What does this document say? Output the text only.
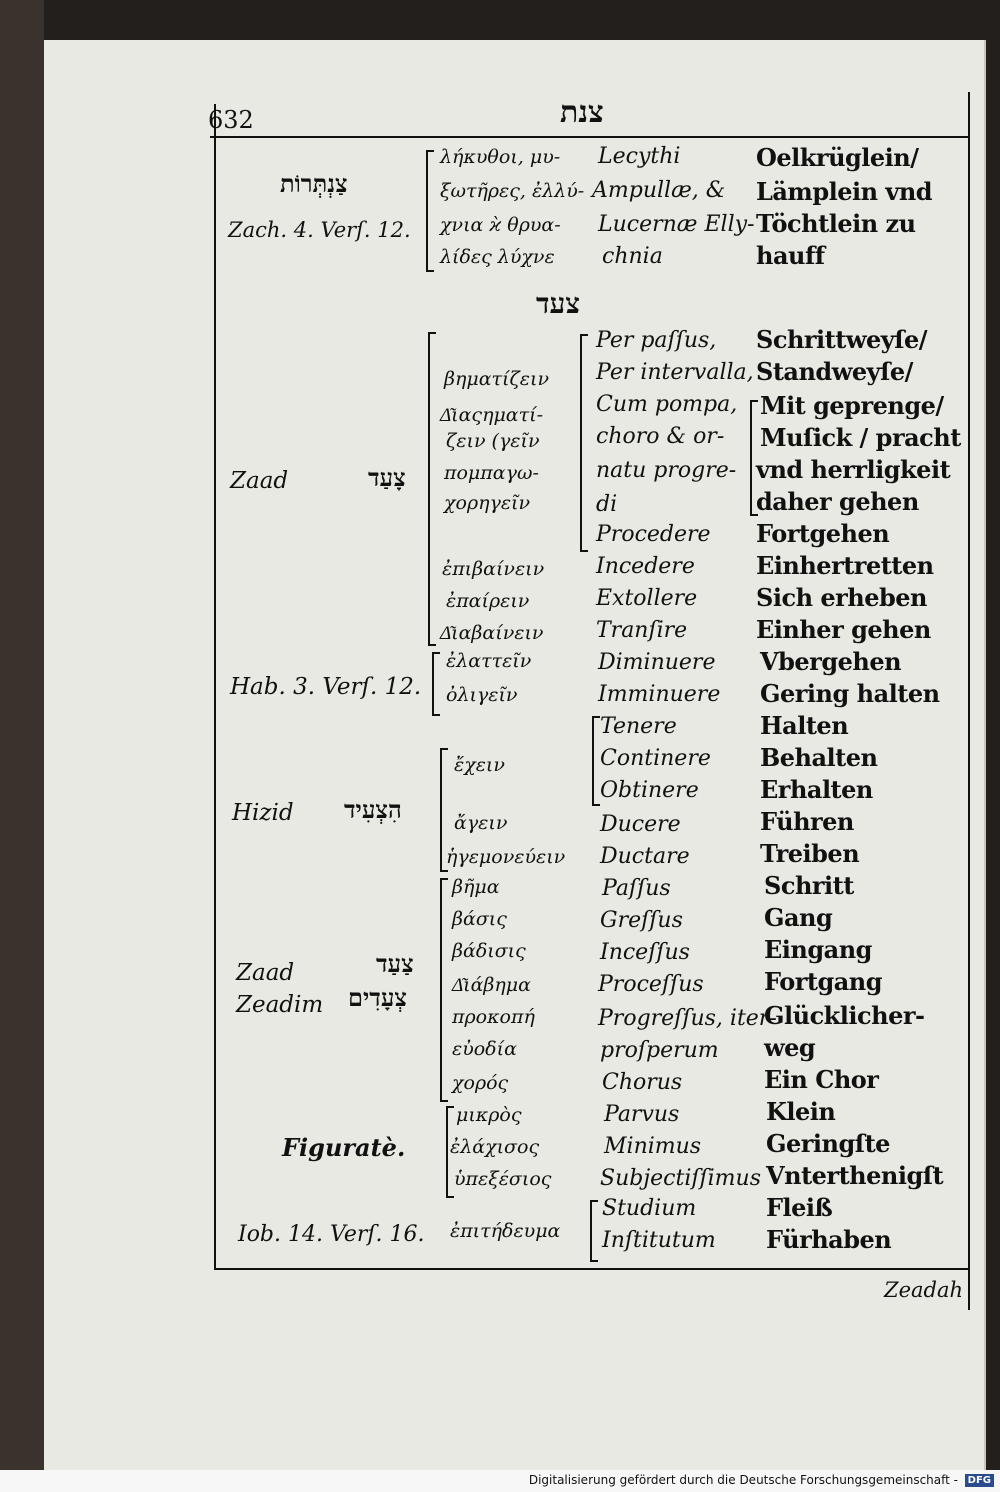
632	צנת
צַנְתְּרוֹת
Zach. 4. Verſ. 12.
λήκυθοι, μυ-
ξωτῆρες, ἐλλύ-
χνια ϰ̀ θρυα-
λίδες λύχνε
Lecythi
Ampullæ, &
Lucernæ Elly-
chnia
Oelkrüglein/
Lämplein vnd
Töchtlein zu
hauff
צעד
Zaad	צָעַד
βηματίζειν
Δ͂ιαςηματί-
ζειν (γεῖν
πομπαγω-
χορηγεῖν
ἐπιβαίνειν
ἐπαίρειν
Δ͂ιαβαίνειν
Per paſſus,
Per intervalla,
Cum pompa,
choro & or-
natu progre-
di
Procedere
Incedere
Extollere
Tranſire
Schrittweyſe/
Standweyſe/
Mit geprenge/
Muſick / pracht
vnd herrligkeit
daher gehen
Fortgehen
Einhertretten
Sich erheben
Einher gehen
Hab. 3. Verſ. 12.
ἐλαττεῖν
ὀλιγεῖν
Diminuere
Imminuere
Vbergehen
Gering halten
Hizid הִצְעִיד
ἔχειν
ἄγειν
ἡγεμονεύειν
Tenere
Continere
Obtinere
Ducere
Ductare
Halten
Behalten
Erhalten
Führen
Treiben
Zaad
Zeadim
צַעַד
צְעָדִים
βῆμα
βάσις
βάδισις
Δ͂ιάβημα
προκοπή
εὐοδία
χορός
Paſſus
Greſſus
Inceſſus
Proceſſus
Progreſſus, iter-
proſperum
Chorus
Schritt
Gang
Eingang
Fortgang
Glücklicher-
weg
Ein Chor
Figuratè.
μικρὸς
ἐλάχισος
ὑπεξέσιος
Parvus
Minimus
Subjectiſſimus
Klein
Geringſte
Vnterthenigſt
Iob. 14. Verſ. 16. ἐπιτήδευμα
Studium
Inſtitutum
Fleiß
Fürhaben
Zeadah
Digitalisierung gefördert durch die Deutsche Forschungsgemeinschaft - DFG
